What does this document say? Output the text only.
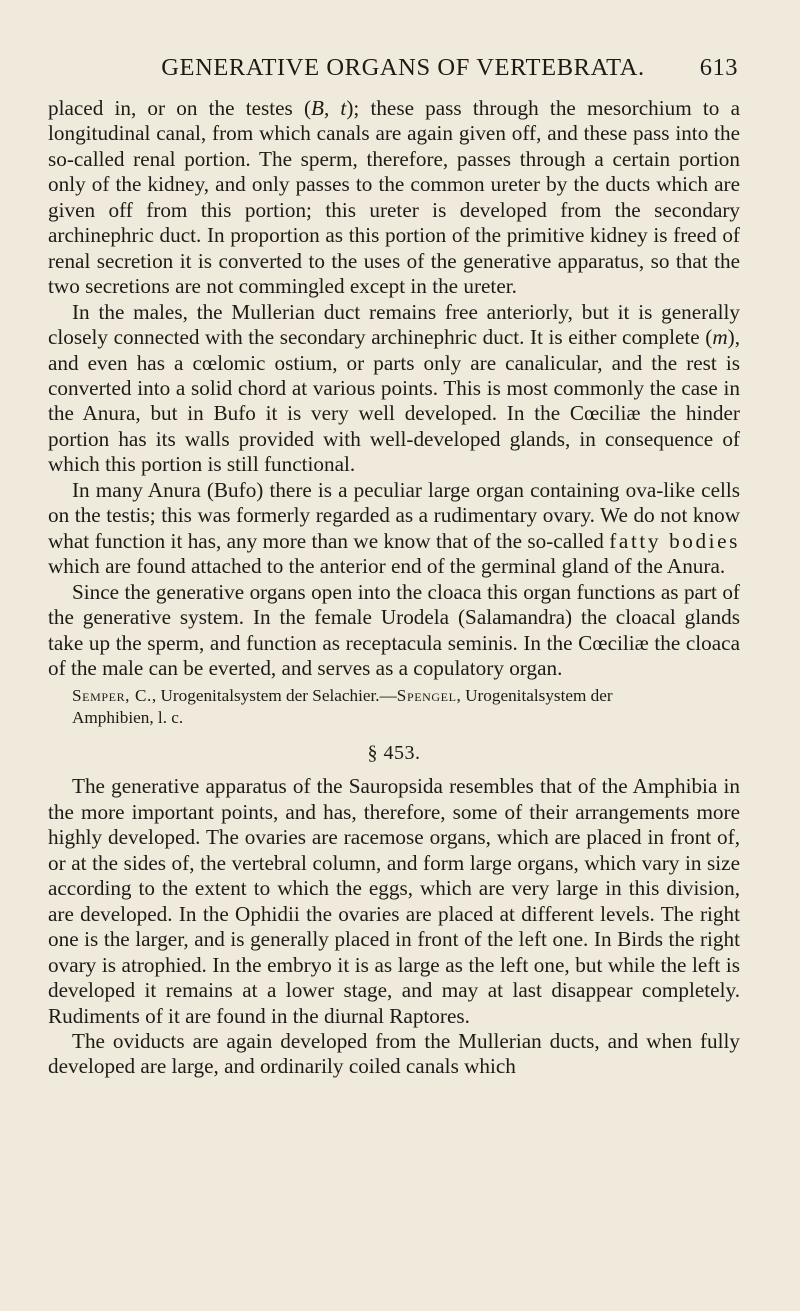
GENERATIVE ORGANS OF VERTEBRATA.	613

placed in, or on the testes (B, t); these pass through the mesorchium to a longitudinal canal, from which canals are again given off, and these pass into the so-called renal portion. The sperm, therefore, passes through a certain portion only of the kidney, and only passes to the common ureter by the ducts which are given off from this portion; this ureter is developed from the secondary archinephric duct. In proportion as this portion of the primitive kidney is freed of renal secretion it is converted to the uses of the generative apparatus, so that the two secretions are not commingled except in the ureter.

In the males, the Mullerian duct remains free anteriorly, but it is generally closely connected with the secondary archinephric duct. It is either complete (m), and even has a cœlomic ostium, or parts only are canalicular, and the rest is converted into a solid chord at various points. This is most commonly the case in the Anura, but in Bufo it is very well developed. In the Cœciliæ the hinder portion has its walls provided with well-developed glands, in consequence of which this portion is still functional.

In many Anura (Bufo) there is a peculiar large organ containing ova-like cells on the testis; this was formerly regarded as a rudimentary ovary. We do not know what function it has, any more than we know that of the so-called fatty bodies which are found attached to the anterior end of the germinal gland of the Anura.

Since the generative organs open into the cloaca this organ functions as part of the generative system. In the female Urodela (Salamandra) the cloacal glands take up the sperm, and function as receptacula seminis. In the Cœciliæ the cloaca of the male can be everted, and serves as a copulatory organ.

Semper, C., Urogenitalsystem der Selachier.—Spengel, Urogenitalsystem der
Amphibien, l. c.

§ 453.

The generative apparatus of the Sauropsida resembles that of the Amphibia in the more important points, and has, therefore, some of their arrangements more highly developed. The ovaries are racemose organs, which are placed in front of, or at the sides of, the vertebral column, and form large organs, which vary in size according to the extent to which the eggs, which are very large in this division, are developed. In the Ophidii the ovaries are placed at different levels. The right one is the larger, and is generally placed in front of the left one. In Birds the right ovary is atrophied. In the embryo it is as large as the left one, but while the left is developed it remains at a lower stage, and may at last disappear completely. Rudiments of it are found in the diurnal Raptores.

The oviducts are again developed from the Mullerian ducts, and when fully developed are large, and ordinarily coiled canals which
